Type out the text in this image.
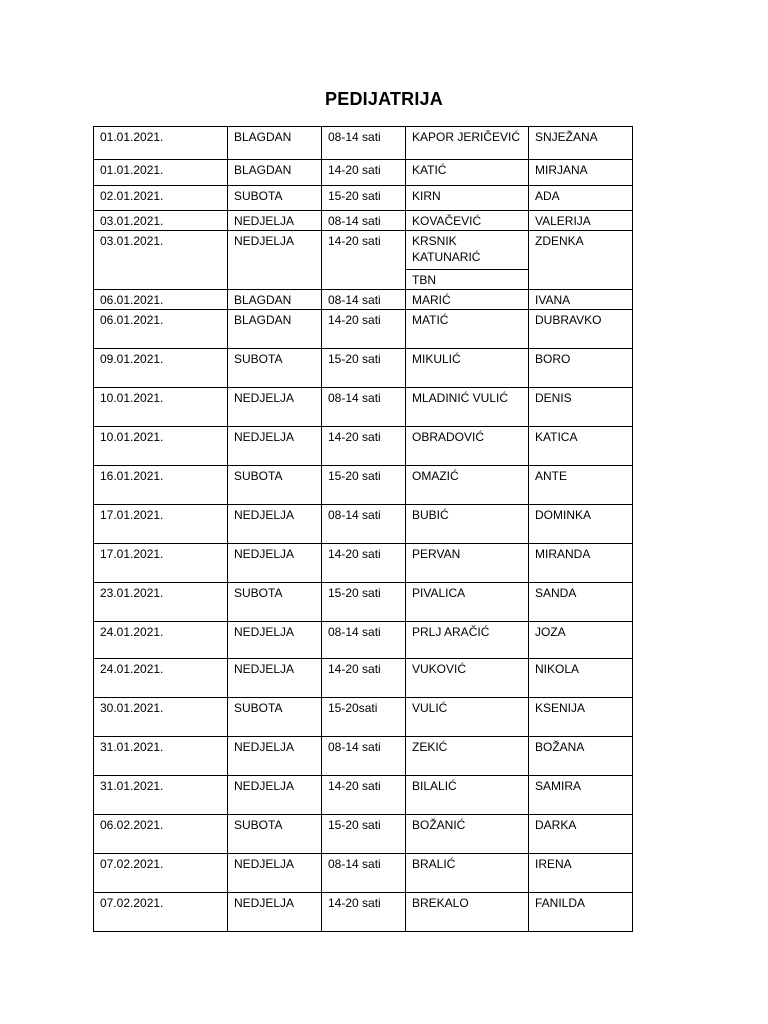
PEDIJATRIJA
01.01.2021.	BLAGDAN	08-14 sati	KAPOR JERIČEVIĆ	SNJEŽANA
01.01.2021.	BLAGDAN	14-20 sati	KATIĆ	MIRJANA
02.01.2021.	SUBOTA	15-20 sati	KIRN	ADA
03.01.2021.	NEDJELJA	08-14 sati	KOVAČEVIĆ	VALERIJA
03.01.2021.	NEDJELJA	14-20 sati	KRSNIK KATUNARIĆ	ZDENKA
			TBN	
06.01.2021.	BLAGDAN	08-14 sati	MARIĆ	IVANA
06.01.2021.	BLAGDAN	14-20 sati	MATIĆ	DUBRAVKO
09.01.2021.	SUBOTA	15-20 sati	MIKULIĆ	BORO
10.01.2021.	NEDJELJA	08-14 sati	MLADINIĆ VULIĆ	DENIS
10.01.2021.	NEDJELJA	14-20 sati	OBRADOVIĆ	KATICA
16.01.2021.	SUBOTA	15-20 sati	OMAZIĆ	ANTE
17.01.2021.	NEDJELJA	08-14 sati	BUBIĆ	DOMINKA
17.01.2021.	NEDJELJA	14-20 sati	PERVAN	MIRANDA
23.01.2021.	SUBOTA	15-20 sati	PIVALICA	SANDA
24.01.2021.	NEDJELJA	08-14 sati	PRLJ ARAČIĆ	JOZA
24.01.2021.	NEDJELJA	14-20 sati	VUKOVIĆ	NIKOLA
30.01.2021.	SUBOTA	15-20sati	VULIĆ	KSENIJA
31.01.2021.	NEDJELJA	08-14 sati	ZEKIĆ	BOŽANA
31.01.2021.	NEDJELJA	14-20 sati	BILALIĆ	SAMIRA
06.02.2021.	SUBOTA	15-20 sati	BOŽANIĆ	DARKA
07.02.2021.	NEDJELJA	08-14 sati	BRALIĆ	IRENA
07.02.2021.	NEDJELJA	14-20 sati	BREKALO	FANILDA
